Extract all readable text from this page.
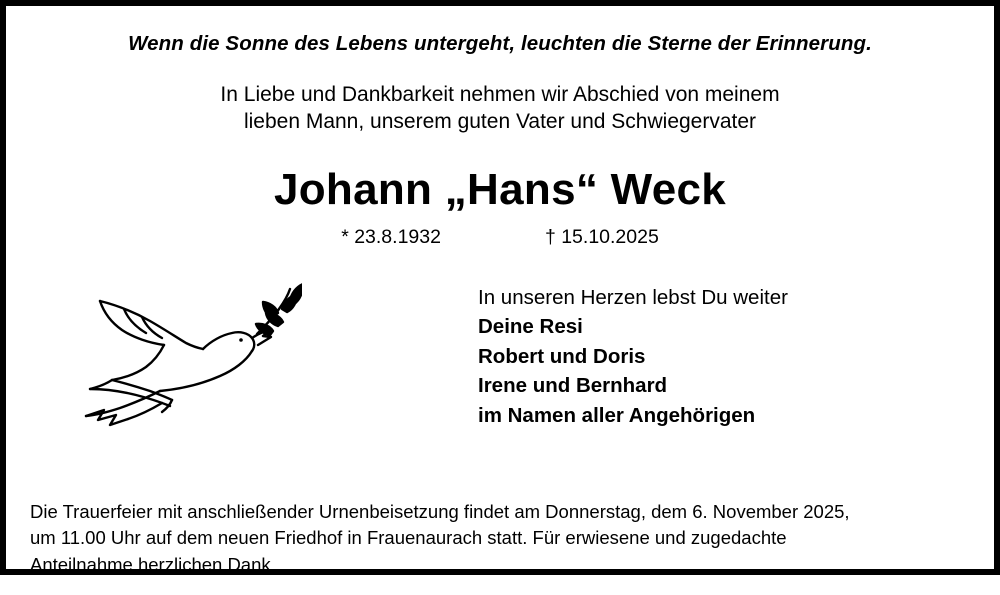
Wenn die Sonne des Lebens untergeht, leuchten die Sterne der Erinnerung.
In Liebe und Dankbarkeit nehmen wir Abschied von meinem
lieben Mann, unserem guten Vater und Schwiegervater
Johann „Hans“ Weck
* 23.8.1932	† 15.10.2025
In unseren Herzen lebst Du weiter
Deine Resi
Robert und Doris
Irene und Bernhard
im Namen aller Angehörigen
Die Trauerfeier mit anschließender Urnenbeisetzung findet am Donnerstag, dem 6. November 2025,
um 11.00 Uhr auf dem neuen Friedhof in Frauenaurach statt. Für erwiesene und zugedachte
Anteilnahme herzlichen Dank.
